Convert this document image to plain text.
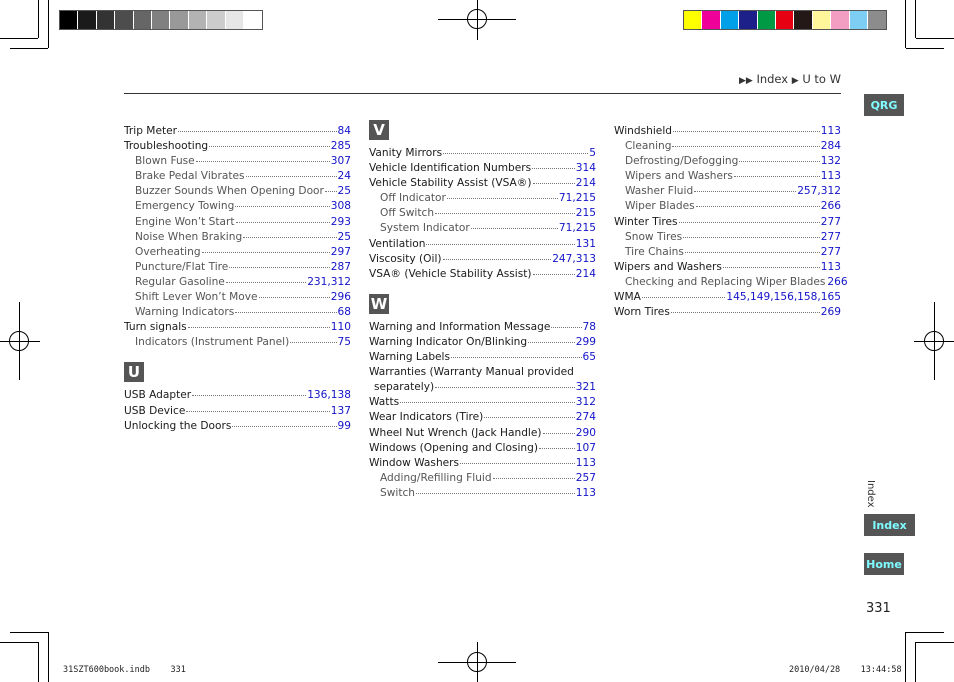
▶▶ Index ▶ U to W
Trip Meter	84
Troubleshooting	285
Blown Fuse	307
Brake Pedal Vibrates	24
Buzzer Sounds When Opening Door 25
Emergency Towing	308
Engine Won’t Start	293
Noise When Braking	25
Overheating	297
Puncture/Flat Tire	287
Regular Gasoline	231,312
Shift Lever Won’t Move	296
Warning Indicators	68
Turn signals	110
Indicators (Instrument Panel)	75
U
USB Adapter	136,138
USB Device	137
Unlocking the Doors	99
V
Vanity Mirrors	5
Vehicle Identification Numbers	314
Vehicle Stability Assist (VSA®)	214
Off Indicator	71,215
Off Switch	215
System Indicator	71,215
Ventilation	131
Viscosity (Oil)	247,313
VSA® (Vehicle Stability Assist)	214
W
Warning and Information Message	78
Warning Indicator On/Blinking	299
Warning Labels	65
Warranties (Warranty Manual provided
separately)	321
Watts	312
Wear Indicators (Tire)	274
Wheel Nut Wrench (Jack Handle)	290
Windows (Opening and Closing)	107
Window Washers	113
Adding/Refilling Fluid	257
Switch	113
Windshield	113
Cleaning	284
Defrosting/Defogging	132
Wipers and Washers	113
Washer Fluid	257,312
Wiper Blades	266
Winter Tires	277
Snow Tires	277
Tire Chains	277
Wipers and Washers	113
Checking and Replacing Wiper Blades 266
WMA	145,149,156,158,165
Worn Tires	269
QRG
Index
Index
Home
331
31SZT600book.indb 331	2010/04/28 13:44:58
